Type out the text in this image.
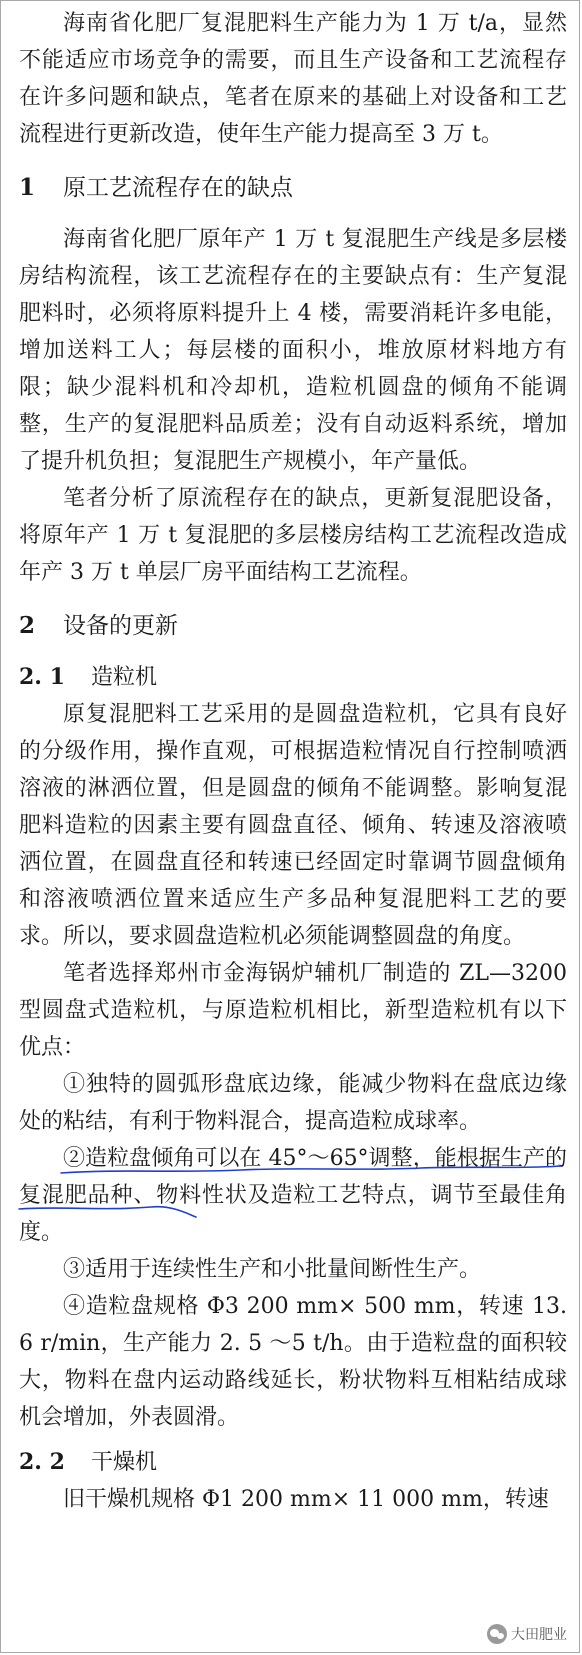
海南省化肥厂复混肥料生产能力为 1 万 t/a，显然不能适应市场竞争的需要，而且生产设备和工艺流程存在许多问题和缺点，笔者在原来的基础上对设备和工艺流程进行更新改造，使年生产能力提高至 3 万 t。

1 原工艺流程存在的缺点

海南省化肥厂原年产 1 万 t 复混肥生产线是多层楼房结构流程，该工艺流程存在的主要缺点有：生产复混肥料时，必须将原料提升上 4 楼，需要消耗许多电能，增加送料工人；每层楼的面积小，堆放原材料地方有限；缺少混料机和冷却机，造粒机圆盘的倾角不能调整，生产的复混肥料品质差；没有自动返料系统，增加了提升机负担；复混肥生产规模小，年产量低。

笔者分析了原流程存在的缺点，更新复混肥设备，将原年产 1 万 t 复混肥的多层楼房结构工艺流程改造成年产 3 万 t 单层厂房平面结构工艺流程。

2 设备的更新
2. 1 造粒机

原复混肥料工艺采用的是圆盘造粒机，它具有良好的分级作用，操作直观，可根据造粒情况自行控制喷洒溶液的淋洒位置，但是圆盘的倾角不能调整。影响复混肥料造粒的因素主要有圆盘直径、倾角、转速及溶液喷洒位置，在圆盘直径和转速已经固定时靠调节圆盘倾角和溶液喷洒位置来适应生产多品种复混肥料工艺的要求。所以，要求圆盘造粒机必须能调整圆盘的角度。

笔者选择郑州市金海锅炉辅机厂制造的 ZL—3200型圆盘式造粒机，与原造粒机相比，新型造粒机有以下优点：

①独特的圆弧形盘底边缘，能减少物料在盘底边缘处的粘结，有利于物料混合，提高造粒成球率。

②造粒盘倾角可以在 45°～65°调整，能根据生产的复混肥品种、物料性状及造粒工艺特点，调节至最佳角度。

③适用于连续性生产和小批量间断性生产。

④造粒盘规格 Φ3 200 mm× 500 mm，转速 13. 6 r/min，生产能力 2. 5 ～5 t/h。由于造粒盘的面积较大，物料在盘内运动路线延长，粉状物料互相粘结成球机会增加，外表圆滑。

2. 2 干燥机

旧干燥机规格 Φ1 200 mm× 11 000 mm，转速

大田肥业
